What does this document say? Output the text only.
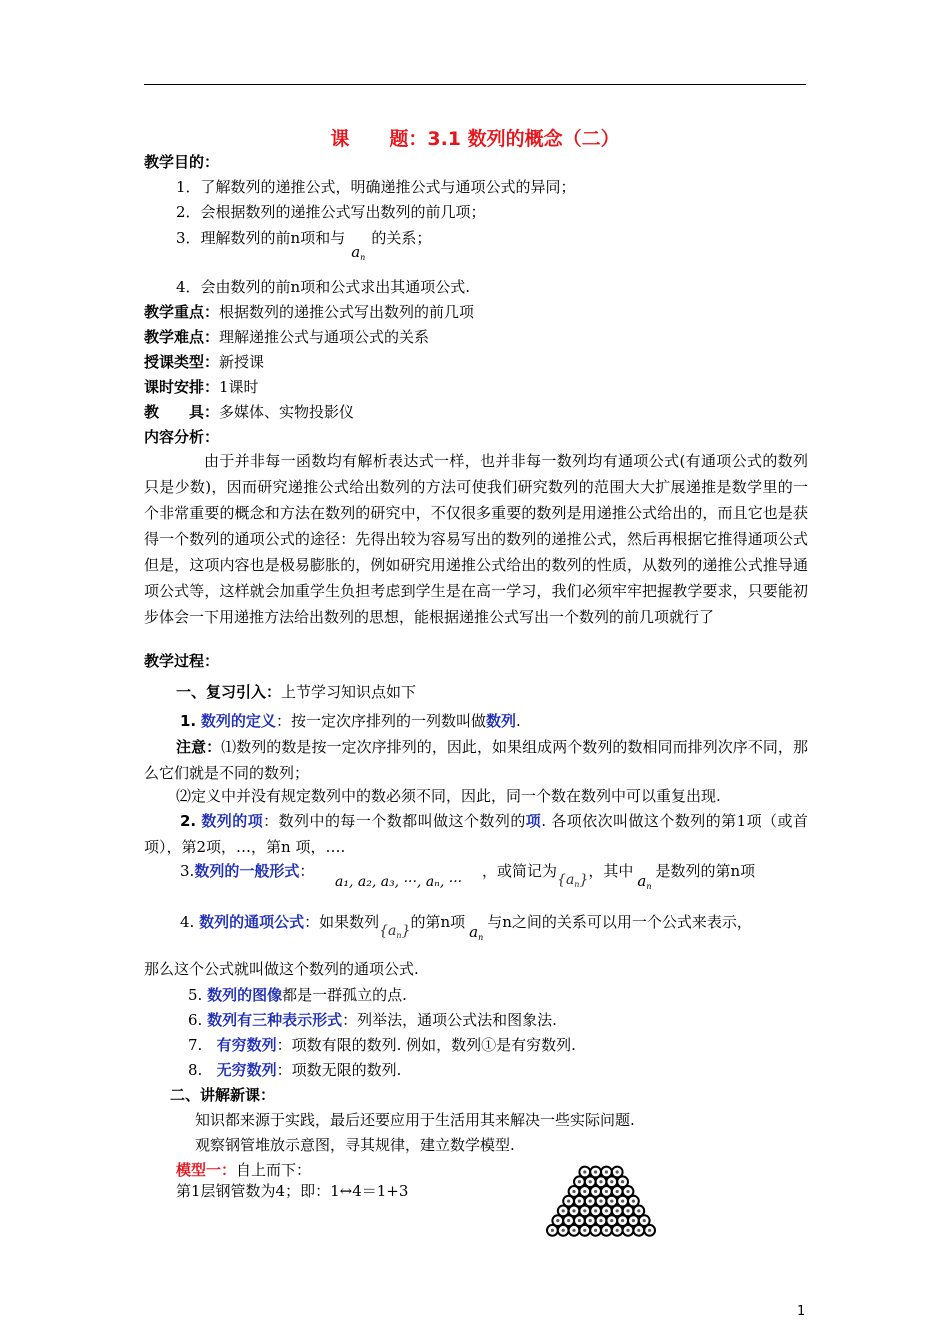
课 题：3.1 数列的概念（二）
教学目的：
1．了解数列的递推公式，明确递推公式与通项公式的异同；
2．会根据数列的递推公式写出数列的前几项；
3．理解数列的前n项和与$a_n$的关系；
4．会由数列的前n项和公式求出其通项公式.
教学重点：根据数列的递推公式写出数列的前几项
教学难点：理解递推公式与通项公式的关系
授课类型：新授课
课时安排：1课时
教　　具：多媒体、实物投影仪
内容分析：
由于并非每一函数均有解析表达式一样，也并非每一数列均有通项公式(有通项公式的数列只是少数)，因而研究递推公式给出数列的方法可使我们研究数列的范围大大扩展递推是数学里的一个非常重要的概念和方法在数列的研究中，不仅很多重要的数列是用递推公式给出的，而且它也是获得一个数列的通项公式的途径：先得出较为容易写出的数列的递推公式，然后再根据它推得通项公式但是，这项内容也是极易膨胀的，例如研究用递推公式给出的数列的性质，从数列的递推公式推导通项公式等，这样就会加重学生负担考虑到学生是在高一学习，我们必须牢牢把握教学要求，只要能初步体会一下用递推方法给出数列的思想，能根据递推公式写出一个数列的前几项就行了
教学过程：
一、复习引入：上节学习知识点如下
1. 数列的定义：按一定次序排列的一列数叫做数列.
注意：⑴数列的数是按一定次序排列的，因此，如果组成两个数列的数相同而排列次序不同，那么它们就是不同的数列；
⑵定义中并没有规定数列中的数必须不同，因此，同一个数在数列中可以重复出现.
2. 数列的项：数列中的每一个数都叫做这个数列的项. 各项依次叫做这个数列的第1项（或首项），第2项，…，第n 项，….
3.数列的一般形式：
a₁, a₂, a₃, ···, aₙ, ···
，或简记为$\{a_n\}$，其中$a_n$是数列的第n项
4. 数列的通项公式：如果数列$\{a_n\}$的第n项$a_n$与n之间的关系可以用一个公式来表示，
那么这个公式就叫做这个数列的通项公式.
5. 数列的图像都是一群孤立的点.
6. 数列有三种表示形式：列举法，通项公式法和图象法.
7. 有穷数列：项数有限的数列. 例如，数列①是有穷数列.
8. 无穷数列：项数无限的数列.
二、讲解新课：
知识都来源于实践，最后还要应用于生活用其来解决一些实际问题.
观察钢管堆放示意图，寻其规律，建立数学模型.
模型一：自上而下：
第1层钢管数为4；即：1↔4＝1+3
1
